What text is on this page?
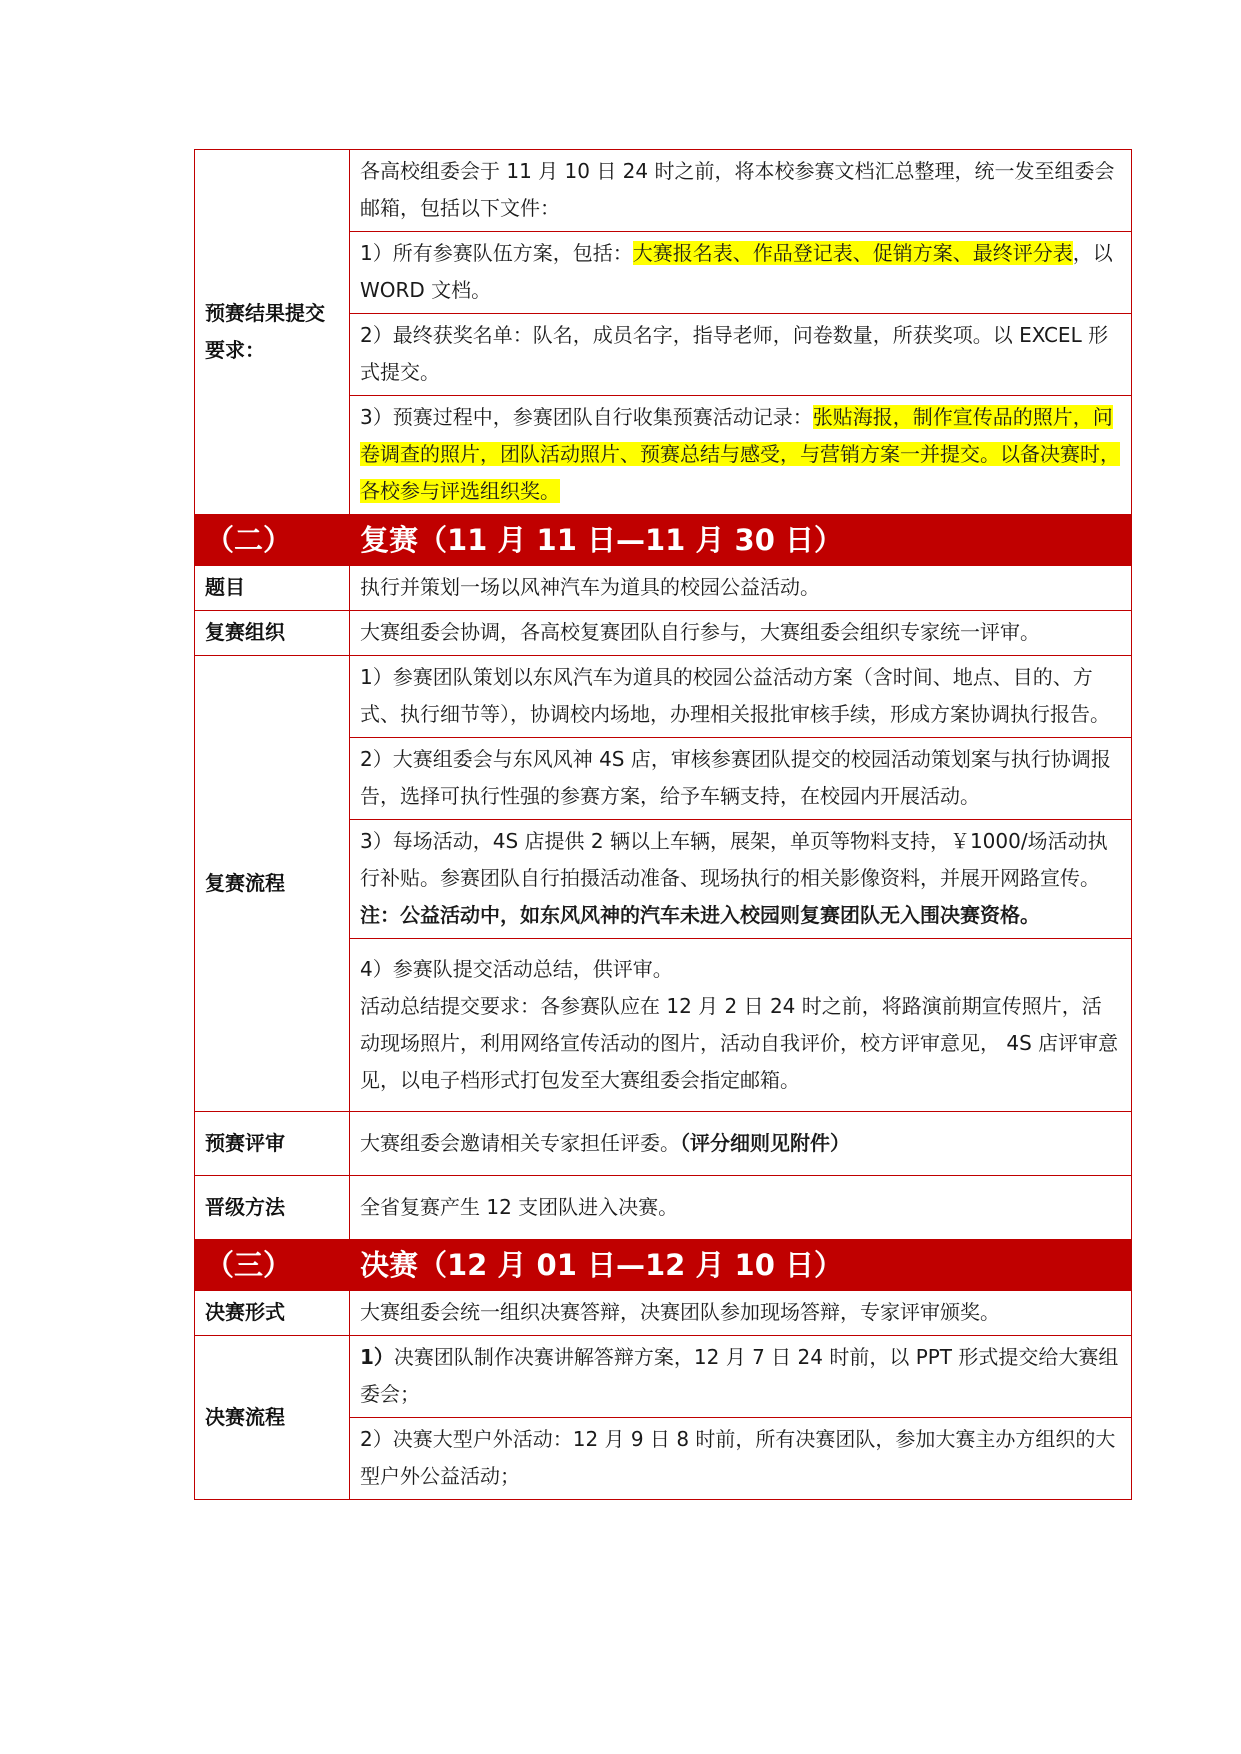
预赛结果提交要求：	各高校组委会于 11 月 10 日 24 时之前，将本校参赛文档汇总整理，统一发至组委会邮箱，包括以下文件：
	1）所有参赛队伍方案，包括：大赛报名表、作品登记表、促销方案、最终评分表，以 WORD 文档。
	2）最终获奖名单：队名，成员名字，指导老师，问卷数量，所获奖项。以 EXCEL 形式提交。
	3）预赛过程中，参赛团队自行收集预赛活动记录：张贴海报，制作宣传品的照片，问卷调查的照片，团队活动照片、预赛总结与感受，与营销方案一并提交。以备决赛时，各校参与评选组织奖。
（二）	复赛（11 月 11 日—11 月 30 日）
题目	执行并策划一场以风神汽车为道具的校园公益活动。
复赛组织	大赛组委会协调，各高校复赛团队自行参与，大赛组委会组织专家统一评审。
复赛流程	1）参赛团队策划以东风汽车为道具的校园公益活动方案（含时间、地点、目的、方式、执行细节等），协调校内场地，办理相关报批审核手续，形成方案协调执行报告。
	2）大赛组委会与东风风神 4S 店，审核参赛团队提交的校园活动策划案与执行协调报告，选择可执行性强的参赛方案，给予车辆支持，在校园内开展活动。

	3）每场活动，4S 店提供 2 辆以上车辆，展架，单页等物料支持，￥1000/场活动执行补贴。参赛团队自行拍摄活动准备、现场执行的相关影像资料，并展开网路宣传。
注：公益活动中，如东风风神的汽车未进入校园则复赛团队无入围决赛资格。

	4）参赛队提交活动总结，供评审。
活动总结提交要求：各参赛队应在 12 月 2 日 24 时之前，将路演前期宣传照片，活动现场照片，利用网络宣传活动的图片，活动自我评价，校方评审意见， 4S 店评审意见，以电子档形式打包发至大赛组委会指定邮箱。

预赛评审	大赛组委会邀请相关专家担任评委。（评分细则见附件）
晋级方法	全省复赛产生 12 支团队进入决赛。
（三）	决赛（12 月 01 日—12 月 10 日）
决赛形式	大赛组委会统一组织决赛答辩，决赛团队参加现场答辩，专家评审颁奖。
决赛流程	1）决赛团队制作决赛讲解答辩方案，12 月 7 日 24 时前，以 PPT 形式提交给大赛组委会；
	2）决赛大型户外活动：12 月 9 日 8 时前，所有决赛团队，参加大赛主办方组织的大型户外公益活动；
